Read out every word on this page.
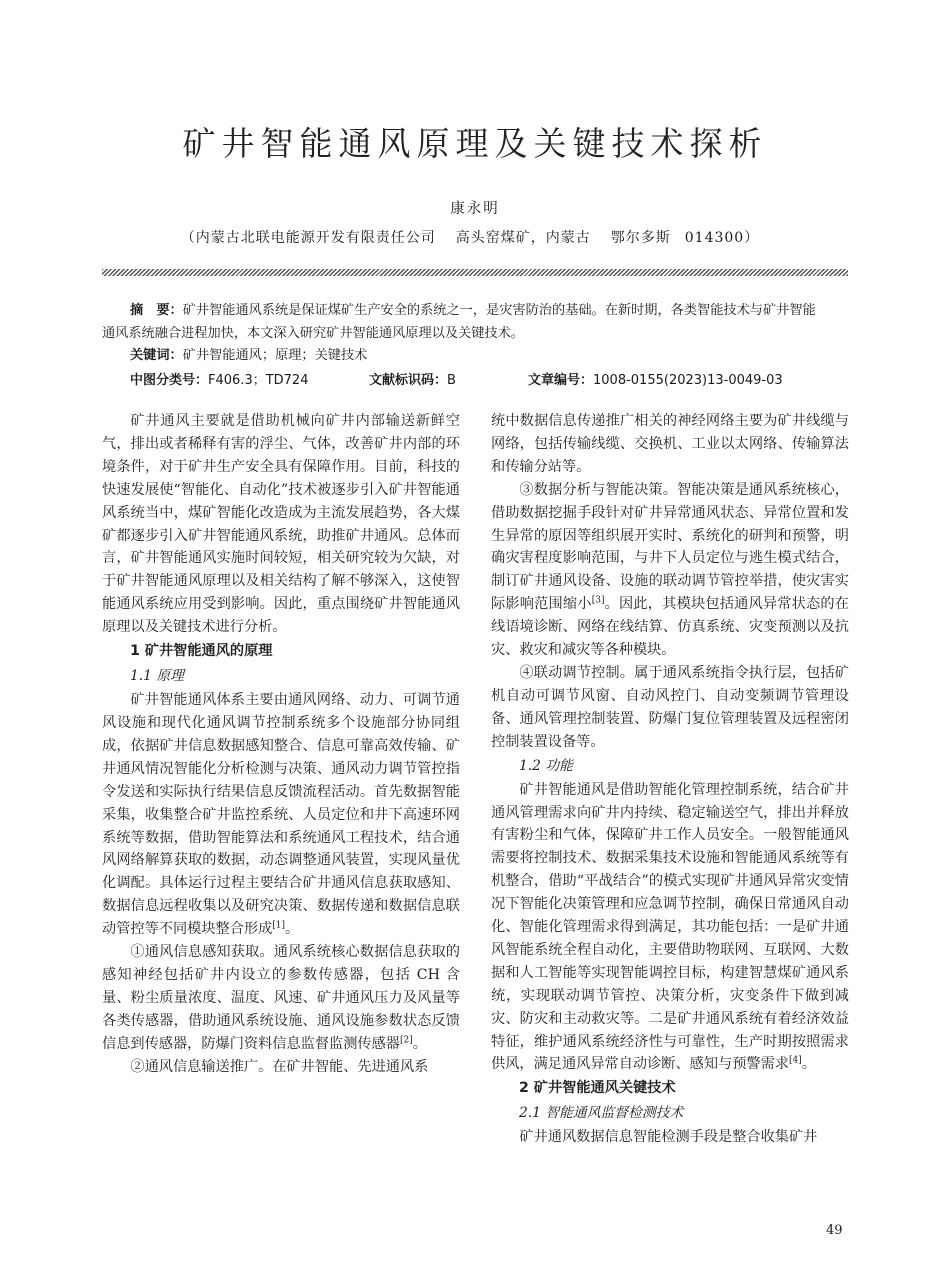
矿井智能通风原理及关键技术探析
康永明
（内蒙古北联电能源开发有限责任公司 高头窑煤矿，内蒙古 鄂尔多斯 014300）

摘　要：矿井智能通风系统是保证煤矿生产安全的系统之一，是灾害防治的基础。在新时期，各类智能技术与矿井智能

通风系统融合进程加快，本文深入研究矿井智能通风原理以及关键技术。

关键词：矿井智能通风；原理；关键技术

中图分类号：F406.3；TD724	文献标识码：B	文章编号：1008-0155(2023)13-0049-03

矿井通风主要就是借助机械向矿井内部输送新鲜空气，排出或者稀释有害的浮尘、气体，改善矿井内部的环境条件，对于矿井生产安全具有保障作用。目前，科技的快速发展使“智能化、自动化”技术被逐步引入矿井智能通风系统当中，煤矿智能化改造成为主流发展趋势，各大煤矿都逐步引入矿井智能通风系统，助推矿井通风。总体而言，矿井智能通风实施时间较短，相关研究较为欠缺，对于矿井智能通风原理以及相关结构了解不够深入，这使智能通风系统应用受到影响。因此，重点围绕矿井智能通风原理以及关键技术进行分析。

1 矿井智能通风的原理
1.1 原理

矿井智能通风体系主要由通风网络、动力、可调节通风设施和现代化通风调节控制系统多个设施部分协同组成，依据矿井信息数据感知整合、信息可靠高效传输、矿井通风情况智能化分析检测与决策、通风动力调节管控指令发送和实际执行结果信息反馈流程活动。首先数据智能采集，收集整合矿井监控系统、人员定位和井下高速环网系统等数据，借助智能算法和系统通风工程技术，结合通风网络解算获取的数据，动态调整通风装置，实现风量优化调配。具体运行过程主要结合矿井通风信息获取感知、数据信息远程收集以及研究决策、数据传递和数据信息联动管控等不同模块整合形成[1]。

①通风信息感知获取。通风系统核心数据信息获取的感知神经包括矿井内设立的参数传感器，包括 CH 含量、粉尘质量浓度、温度、风速、矿井通风压力及风量等各类传感器，借助通风系统设施、通风设施参数状态反馈信息到传感器，防爆门资料信息监督监测传感器[2]。

②通风信息输送推广。在矿井智能、先进通风系

统中数据信息传递推广相关的神经网络主要为矿井线缆与网络，包括传输线缆、交换机、工业以太网络、传输算法和传输分站等。

③数据分析与智能决策。智能决策是通风系统核心，借助数据挖掘手段针对矿井异常通风状态、异常位置和发生异常的原因等组织展开实时、系统化的研判和预警，明确灾害程度影响范围，与井下人员定位与逃生模式结合，制订矿井通风设备、设施的联动调节管控举措，使灾害实际影响范围缩小[3]。因此，其模块包括通风异常状态的在线语境诊断、网络在线结算、仿真系统、灾变预测以及抗灾、救灾和减灾等各种模块。

④联动调节控制。属于通风系统指令执行层，包括矿机自动可调节风窗、自动风控门、自动变频调节管理设备、通风管理控制装置、防爆门复位管理装置及远程密闭控制装置设备等。

1.2 功能

矿井智能通风是借助智能化管理控制系统，结合矿井通风管理需求向矿井内持续、稳定输送空气，排出并释放有害粉尘和气体，保障矿井工作人员安全。一般智能通风需要将控制技术、数据采集技术设施和智能通风系统等有机整合，借助“平战结合”的模式实现矿井通风异常灾变情况下智能化决策管理和应急调节控制，确保日常通风自动化、智能化管理需求得到满足，其功能包括：一是矿井通风智能系统全程自动化，主要借助物联网、互联网、大数据和人工智能等实现智能调控目标，构建智慧煤矿通风系统，实现联动调节管控、决策分析，灾变条件下做到减灾、防灾和主动救灾等。二是矿井通风系统有着经济效益特征，维护通风系统经济性与可靠性，生产时期按照需求供风，满足通风异常自动诊断、感知与预警需求[4]。

2 矿井智能通风关键技术
2.1 智能通风监督检测技术

矿井通风数据信息智能检测手段是整合收集矿井

49
